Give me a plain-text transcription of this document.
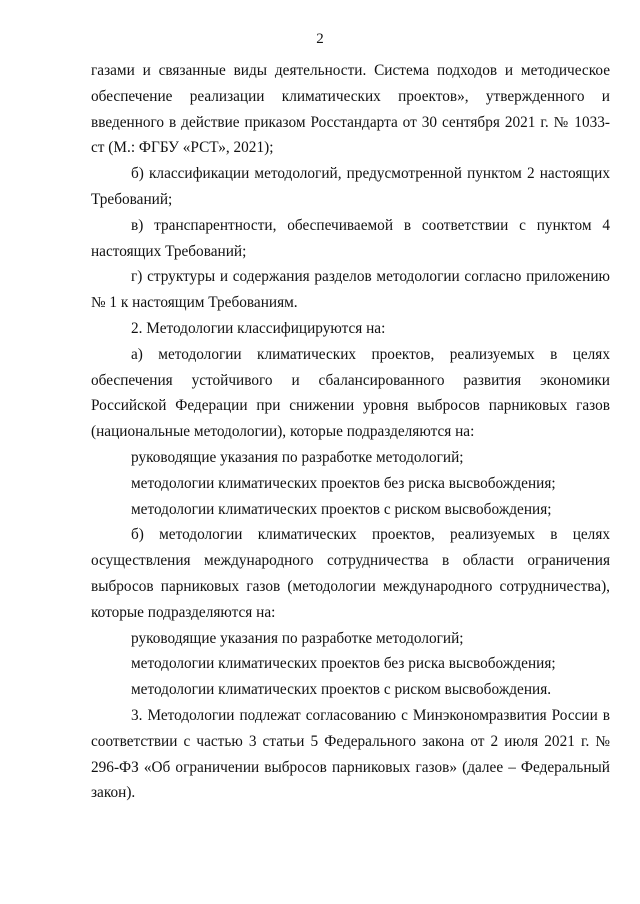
2

газами и связанные виды деятельности. Система подходов и методическое обеспечение реализации климатических проектов», утвержденного и введенного в действие приказом Росстандарта от 30 сентября 2021 г. № 1033-ст (М.: ФГБУ «РСТ», 2021);

б) классификации методологий, предусмотренной пунктом 2 настоящих Требований;

в) транспарентности, обеспечиваемой в соответствии с пунктом 4 настоящих Требований;

г) структуры и содержания разделов методологии согласно приложению № 1 к настоящим Требованиям.

2. Методологии классифицируются на:

а) методологии климатических проектов, реализуемых в целях обеспечения устойчивого и сбалансированного развития экономики Российской Федерации при снижении уровня выбросов парниковых газов (национальные методологии), которые подразделяются на:

руководящие указания по разработке методологий;

методологии климатических проектов без риска высвобождения;

методологии климатических проектов с риском высвобождения;

б) методологии климатических проектов, реализуемых в целях осуществления международного сотрудничества в области ограничения выбросов парниковых газов (методологии международного сотрудничества), которые подразделяются на:

руководящие указания по разработке методологий;

методологии климатических проектов без риска высвобождения;

методологии климатических проектов с риском высвобождения.

3. Методологии подлежат согласованию с Минэкономразвития России в соответствии с частью 3 статьи 5 Федерального закона от 2 июля 2021 г. № 296-ФЗ «Об ограничении выбросов парниковых газов» (далее – Федеральный закон).
